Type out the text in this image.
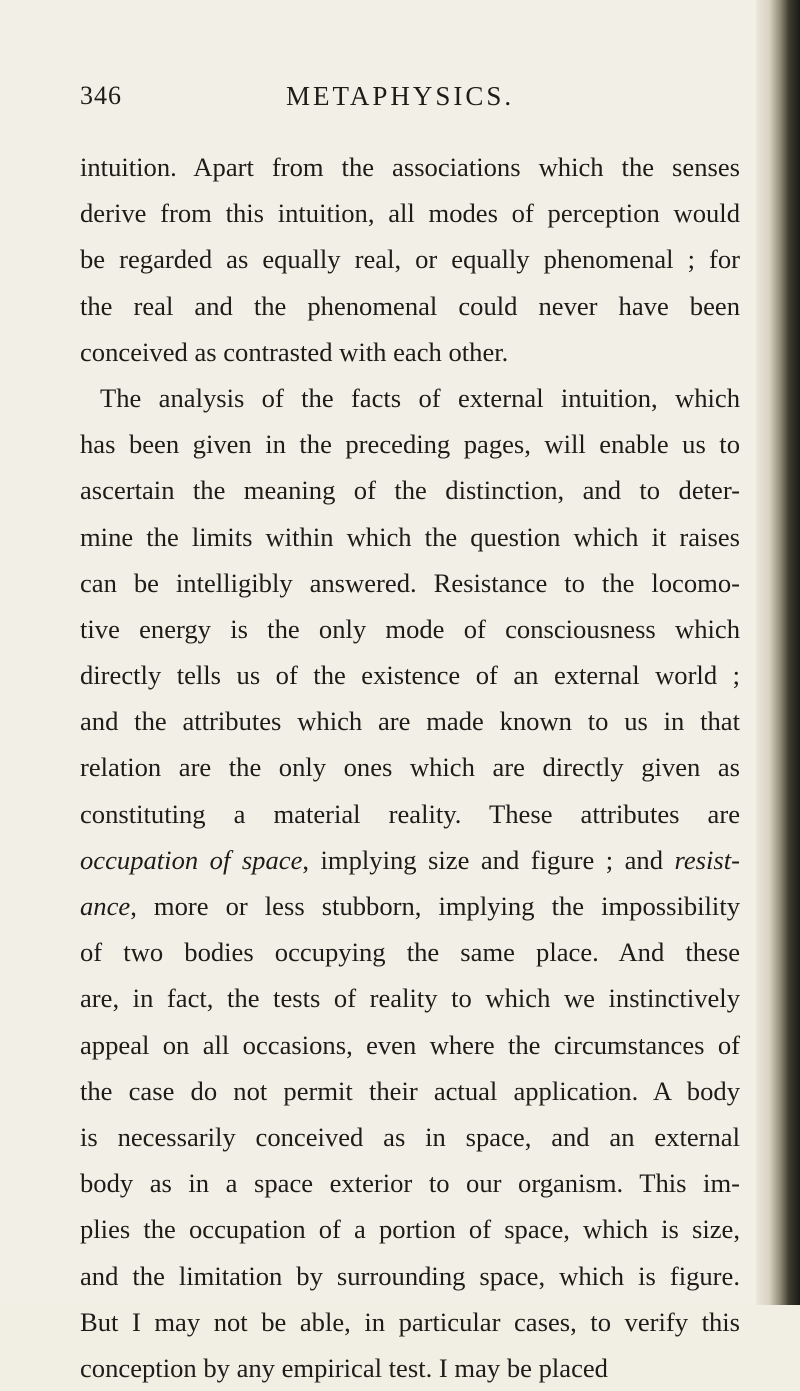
346	METAPHYSICS.
intuition. Apart from the associations which the senses
derive from this intuition, all modes of perception would
be regarded as equally real, or equally phenomenal ; for
the real and the phenomenal could never have been
conceived as contrasted with each other.
The analysis of the facts of external intuition, which
has been given in the preceding pages, will enable us to
ascertain the meaning of the distinction, and to deter-
mine the limits within which the question which it raises
can be intelligibly answered. Resistance to the locomo-
tive energy is the only mode of consciousness which
directly tells us of the existence of an external world ;
and the attributes which are made known to us in that
relation are the only ones which are directly given as
constituting a material reality. These attributes are
occupation of space, implying size and figure ; and resist-
ance, more or less stubborn, implying the impossibility
of two bodies occupying the same place. And these
are, in fact, the tests of reality to which we instinctively
appeal on all occasions, even where the circumstances of
the case do not permit their actual application. A body
is necessarily conceived as in space, and an external
body as in a space exterior to our organism. This im-
plies the occupation of a portion of space, which is size,
and the limitation by surrounding space, which is figure.
But I may not be able, in particular cases, to verify this
conception by any empirical test. I may be placed
